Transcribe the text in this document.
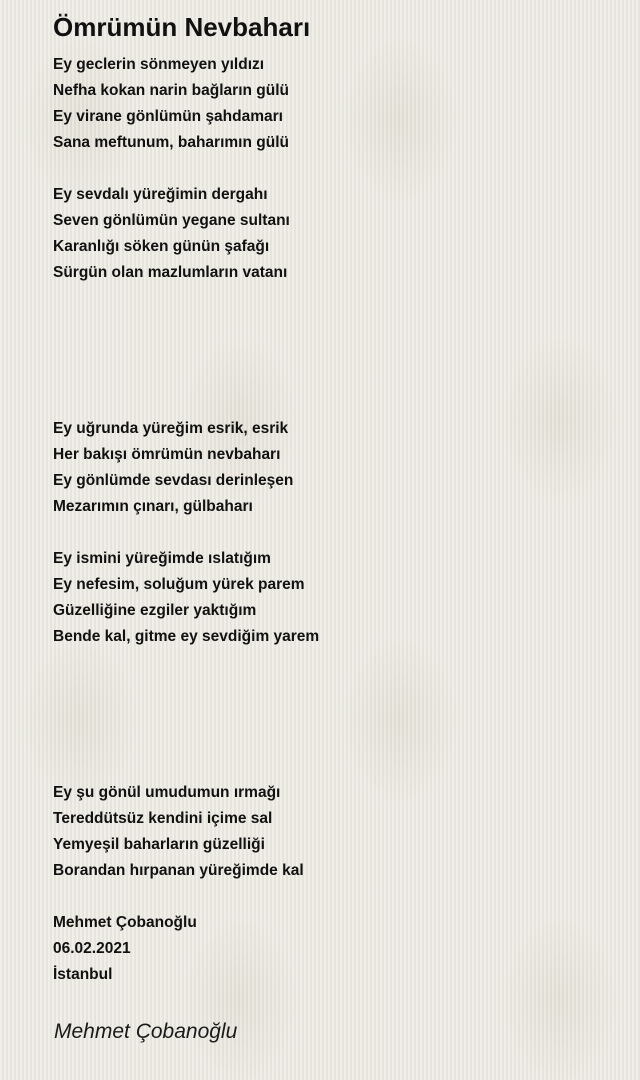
Ömrümün Nevbaharı
Ey geclerin sönmeyen yıldızı
Nefha kokan narin bağların gülü
Ey virane gönlümün şahdamarı
Sana meftunum, baharımın gülü
Ey sevdalı yüreğimin dergahı
Seven gönlümün yegane sultanı
Karanlığı söken günün şafağı
Sürgün olan mazlumların vatanı
Ey uğrunda yüreğim esrik, esrik
Her bakışı ömrümün nevbaharı
Ey gönlümde sevdası derinleşen
Mezarımın çınarı, gülbaharı
Ey ismini yüreğimde ıslatığım
Ey nefesim, soluğum yürek parem
Güzelliğine ezgiler yaktığım
Bende kal, gitme ey sevdiğim yarem
Ey şu gönül umudumun ırmağı
Tereddütsüz kendini içime sal
Yemyeşil baharların güzelliği
Borandan hırpanan yüreğimde kal
Mehmet Çobanoğlu
06.02.2021
İstanbul
Mehmet Çobanoğlu
